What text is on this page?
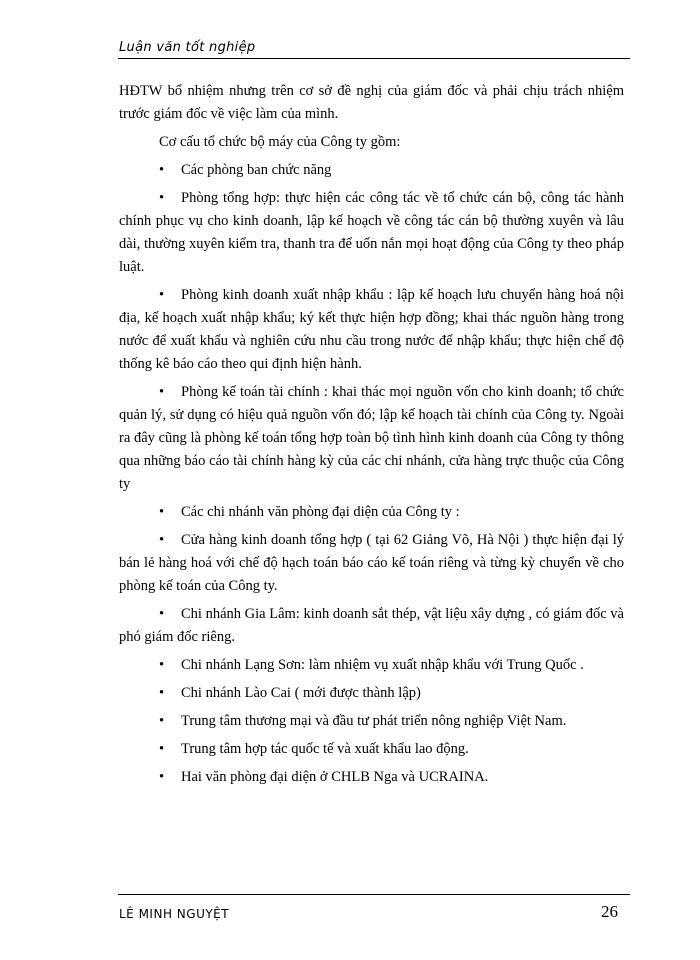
Luận văn tốt nghiệp

HĐTW bổ nhiệm nhưng trên cơ sở đề nghị của giám đốc và phải chịu trách nhiệm trước giám đốc về việc làm của mình.

Cơ cấu tổ chức bộ máy của Công ty gồm:

• Các phòng ban chức năng

• Phòng tổng hợp: thực hiện các công tác về tổ chức cán bộ, công tác hành chính phục vụ cho kinh doanh, lập kế hoạch về công tác cán bộ thường xuyên và lâu dài, thường xuyên kiểm tra, thanh tra để uốn nắn mọi hoạt động của Công ty theo pháp luật.

• Phòng kinh doanh xuất nhập khẩu : lập kế hoạch lưu chuyển hàng hoá nội địa, kế hoạch xuất nhập khẩu; ký kết thực hiện hợp đồng; khai thác nguồn hàng trong nước để xuất khẩu và nghiên cứu nhu cầu trong nước để nhập khẩu; thực hiện chế độ thống kê báo cáo theo qui định hiện hành.

• Phòng kế toán tài chính : khai thác mọi nguồn vốn cho kinh doanh; tổ chức quản lý, sử dụng có hiệu quả nguồn vốn đó; lập kế hoạch tài chính của Công ty. Ngoài ra đây cũng là phòng kế toán tổng hợp toàn bộ tình hình kinh doanh của Công ty thông qua những báo cáo tài chính hàng kỳ của các chi nhánh, cửa hàng trực thuộc của Công ty

• Các chi nhánh văn phòng đại diện của Công ty :

• Cửa hàng kinh doanh tổng hợp ( tại 62 Giảng Võ, Hà Nội ) thực hiện đại lý bán lẻ hàng hoá với chế độ hạch toán báo cáo kế toán riêng và từng kỳ chuyển về cho phòng kế toán của Công ty.

• Chi nhánh Gia Lâm: kinh doanh sắt thép, vật liệu xây dựng , có giám đốc và phó giám đốc riêng.

• Chi nhánh Lạng Sơn: làm nhiệm vụ xuất nhập khẩu với Trung Quốc .

• Chi nhánh Lào Cai ( mới được thành lập)

• Trung tâm thương mại và đầu tư phát triển nông nghiệp Việt Nam.

• Trung tâm hợp tác quốc tế và xuất khẩu lao động.

• Hai văn phòng đại diện ở CHLB Nga và UCRAINA.

LÊ MINH NGUYỆT	26
